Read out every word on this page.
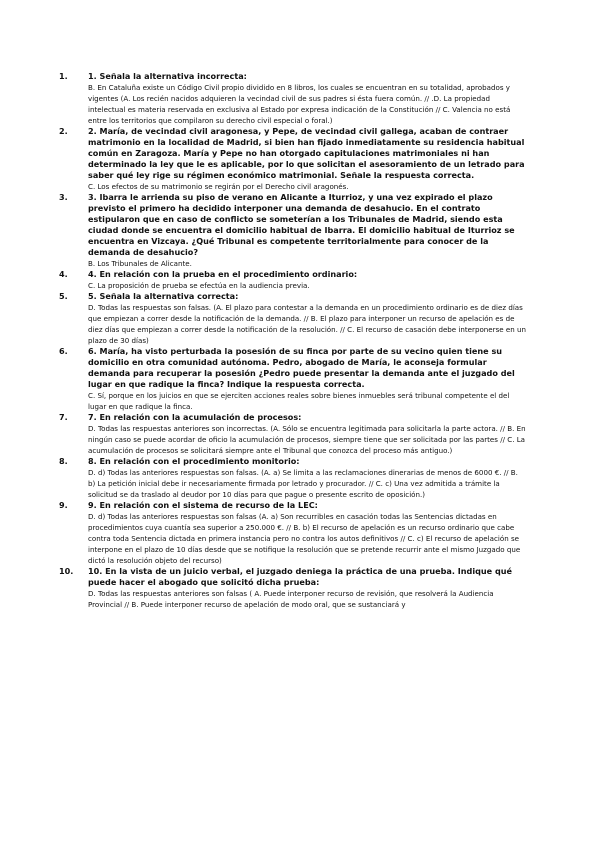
1.	1. Señala la alternativa incorrecta:
B. En Cataluña existe un Código Civil propio dividido en 8 libros, los cuales se encuentran en su totalidad, aprobados y vigentes (A. Los recién nacidos adquieren la vecindad civil de sus padres si ésta fuera común. // .D. La propiedad intelectual es materia reservada en exclusiva al Estado por expresa indicación de la Constitución // C. Valencia no está entre los territorios que compilaron su derecho civil especial o foral.)
2.	2. María, de vecindad civil aragonesa, y Pepe, de vecindad civil gallega, acaban de contraer matrimonio en la localidad de Madrid, si bien han fijado inmediatamente su residencia habitual común en Zaragoza. María y Pepe no han otorgado capitulaciones matrimoniales ni han determinado la ley que le es aplicable, por lo que solicitan el asesoramiento de un letrado para saber qué ley rige su régimen económico matrimonial. Señale la respuesta correcta.
C. Los efectos de su matrimonio se regirán por el Derecho civil aragonés.
3.	3. Ibarra le arrienda su piso de verano en Alicante a Iturrioz, y una vez expirado el plazo previsto el primero ha decidido interponer una demanda de desahucio. En el contrato estipularon que en caso de conflicto se someterían a los Tribunales de Madrid, siendo esta ciudad donde se encuentra el domicilio habitual de Ibarra. El domicilio habitual de Iturrioz se encuentra en Vizcaya. ¿Qué Tribunal es competente territorialmente para conocer de la demanda de desahucio?
B. Los Tribunales de Alicante.
4.	4. En relación con la prueba en el procedimiento ordinario:
C. La proposición de prueba se efectúa en la audiencia previa.
5.	5. Señala la alternativa correcta:
D. Todas las respuestas son falsas. (A. El plazo para contestar a la demanda en un procedimiento ordinario es de diez días que empiezan a correr desde la notificación de la demanda. // B. El plazo para interponer un recurso de apelación es de diez días que empiezan a correr desde la notificación de la resolución. // C. El recurso de casación debe interponerse en un plazo de 30 días)
6.	6. María, ha visto perturbada la posesión de su finca por parte de su vecino quien tiene su domicilio en otra comunidad autónoma. Pedro, abogado de María, le aconseja formular demanda para recuperar la posesión ¿Pedro puede presentar la demanda ante el juzgado del lugar en que radique la finca? Indique la respuesta correcta.
C. Sí, porque en los juicios en que se ejerciten acciones reales sobre bienes inmuebles será tribunal competente el del lugar en que radique la finca.
7.	7. En relación con la acumulación de procesos:
D. Todas las respuestas anteriores son incorrectas. (A. Sólo se encuentra legitimada para solicitarla la parte actora. // B. En ningún caso se puede acordar de oficio la acumulación de procesos, siempre tiene que ser solicitada por las partes // C. La acumulación de procesos se solicitará siempre ante el Tribunal que conozca del proceso más antiguo.)
8.	8. En relación con el procedimiento monitorio:
D. d) Todas las anteriores respuestas son falsas. (A. a) Se limita a las reclamaciones dinerarias de menos de 6000 €. // B. b) La petición inicial debe ir necesariamente firmada por letrado y procurador. // C. c) Una vez admitida a trámite la solicitud se da traslado al deudor por 10 días para que pague o presente escrito de oposición.)
9.	9. En relación con el sistema de recurso de la LEC:
D. d) Todas las anteriores respuestas son falsas (A. a) Son recurribles en casación todas las Sentencias dictadas en procedimientos cuya cuantía sea superior a 250.000 €. // B. b) El recurso de apelación es un recurso ordinario que cabe contra toda Sentencia dictada en primera instancia pero no contra los autos definitivos // C. c) El recurso de apelación se interpone en el plazo de 10 días desde que se notifique la resolución que se pretende recurrir ante el mismo Juzgado que dictó la resolución objeto del recurso)
10. 10. En la vista de un juicio verbal, el juzgado deniega la práctica de una prueba. Indique qué puede hacer el abogado que solicitó dicha prueba:
D. Todas las respuestas anteriores son falsas ( A. Puede interponer recurso de revisión, que resolverá la Audiencia Provincial // B. Puede interponer recurso de apelación de modo oral, que se sustanciará y
